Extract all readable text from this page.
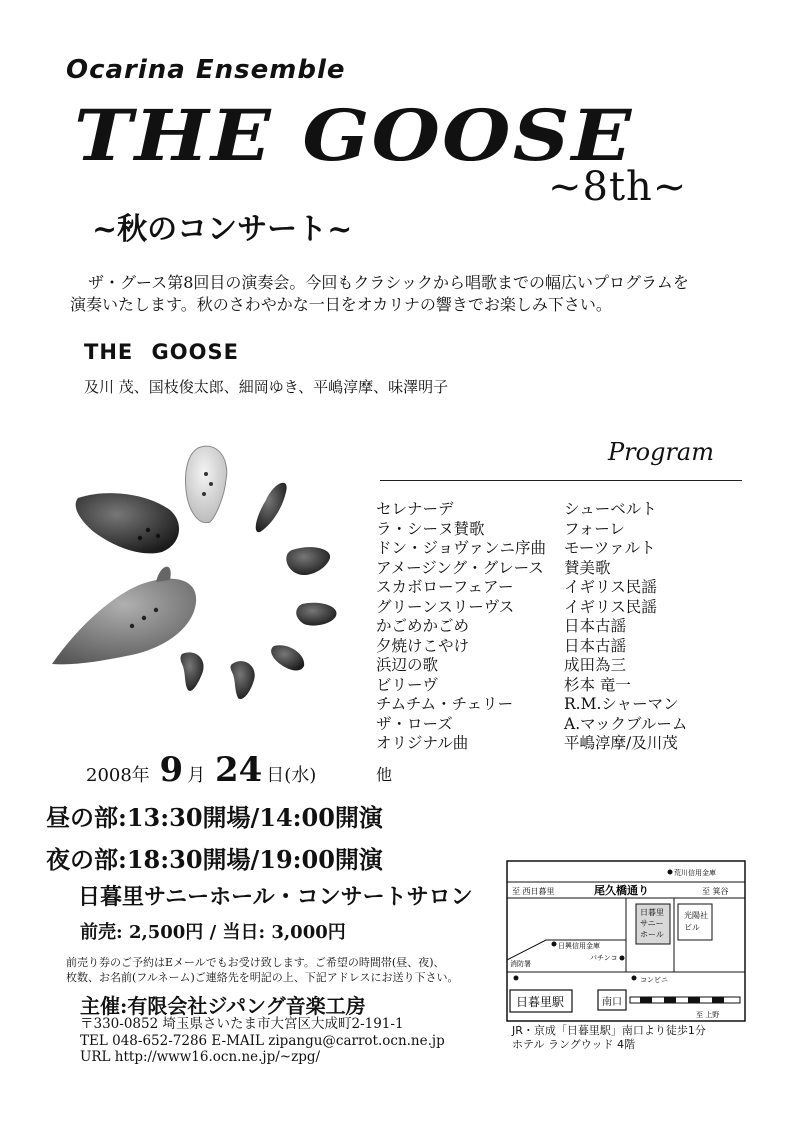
Ocarina Ensemble
THE GOOSE
~8th~
~秋のコンサート~

ザ・グース第8回目の演奏会。今回もクラシックから唱歌までの幅広いプログラムを

演奏いたします。秋のさわやかな一日をオカリナの響きでお楽しみ下さい。

THE GOOSE
及川 茂、国枝俊太郎、細岡ゆき、平嶋淳摩、味澤明子
Program
セレナーデ	シューベルト
ラ・シーヌ賛歌	フォーレ
ドン・ジョヴァンニ序曲	モーツァルト
アメージング・グレース	賛美歌
スカボローフェアー	イギリス民謡
グリーンスリーヴス	イギリス民謡
かごめかごめ	日本古謡
夕焼けこやけ	日本古謡
浜辺の歌	成田為三
ビリーヴ	杉本 竜一
チムチム・チェリー	R.M.シャーマン
ザ・ローズ	A.マックブルーム
オリジナル曲	平嶋淳摩/及川茂
他
2008年 9 月 24 日(水)
昼の部:13:30開場/14:00開演
夜の部:18:30開場/19:00開演
日暮里サニーホール・コンサートサロン
前売: 2,500円 / 当日: 3,000円

前売り券のご予約はEメールでもお受け致します。ご希望の時間帯(昼、夜)、

枚数、お名前(フルネーム)ご連絡先を明記の上、下記アドレスにお送り下さい。

主催:有限会社ジパング音楽工房

〒330-0852 埼玉県さいたま市大宮区大成町2-191-1

TEL 048-652-7286 E-MAIL zipangu@carrot.ocn.ne.jp

URL http://www16.ocn.ne.jp/~zpg/

尾久橋通り
至 西日暮里	至 箕谷
荒川信用金庫
日暮里
サニー
ホール
光陽社
ビル
日興信用金庫
パチンコ
消防署
コンビニ
日暮里駅	南口
至 上野

JR・京成「日暮里駅」南口より徒歩1分

ホテル ラングウッド 4階
